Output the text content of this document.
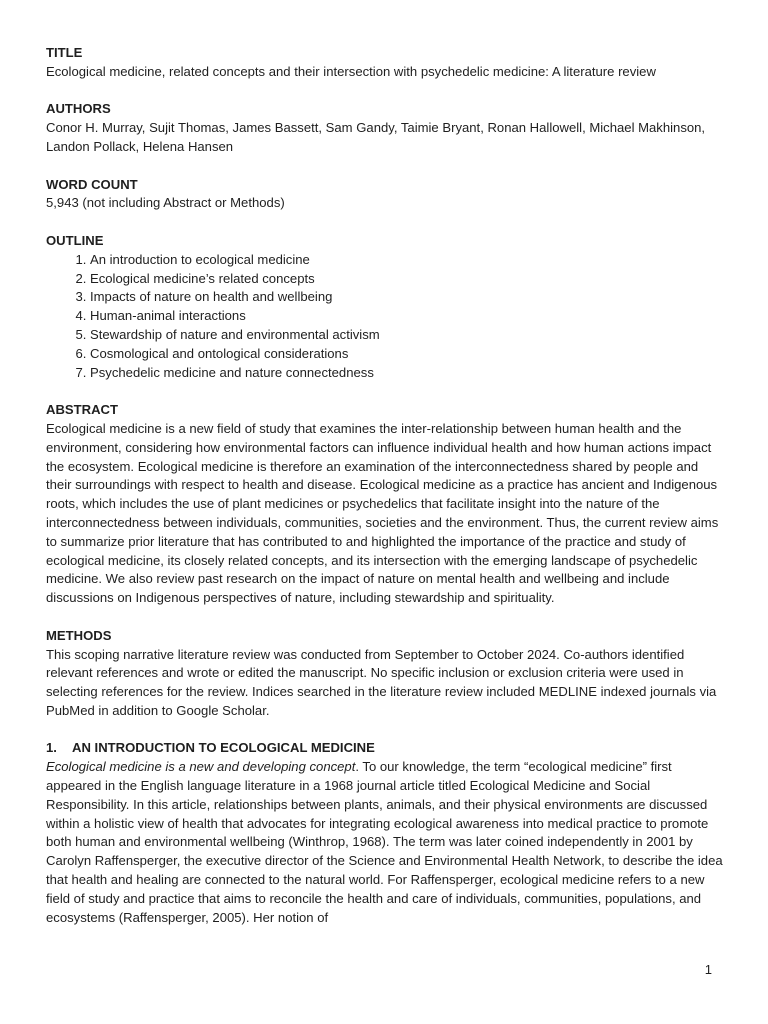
TITLE

Ecological medicine, related concepts and their intersection with psychedelic medicine: A literature review

AUTHORS

Conor H. Murray, Sujit Thomas, James Bassett, Sam Gandy, Taimie Bryant, Ronan Hallowell, Michael Makhinson, Landon Pollack, Helena Hansen

WORD COUNT

5,943 (not including Abstract or Methods)

OUTLINE

1. An introduction to ecological medicine
2. Ecological medicine’s related concepts
3. Impacts of nature on health and wellbeing
4. Human-animal interactions
5. Stewardship of nature and environmental activism
6. Cosmological and ontological considerations
7. Psychedelic medicine and nature connectedness

ABSTRACT

Ecological medicine is a new field of study that examines the inter-relationship between human health and the environment, considering how environmental factors can influence individual health and how human actions impact the ecosystem. Ecological medicine is therefore an examination of the interconnectedness shared by people and their surroundings with respect to health and disease. Ecological medicine as a practice has ancient and Indigenous roots, which includes the use of plant medicines or psychedelics that facilitate insight into the nature of the interconnectedness between individuals, communities, societies and the environment. Thus, the current review aims to summarize prior literature that has contributed to and highlighted the importance of the practice and study of ecological medicine, its closely related concepts, and its intersection with the emerging landscape of psychedelic medicine. We also review past research on the impact of nature on mental health and wellbeing and include discussions on Indigenous perspectives of nature, including stewardship and spirituality.

METHODS

This scoping narrative literature review was conducted from September to October 2024. Co-authors identified relevant references and wrote or edited the manuscript. No specific inclusion or exclusion criteria were used in selecting references for the review. Indices searched in the literature review included MEDLINE indexed journals via PubMed in addition to Google Scholar.

1. AN INTRODUCTION TO ECOLOGICAL MEDICINE

Ecological medicine is a new and developing concept. To our knowledge, the term “ecological medicine” first appeared in the English language literature in a 1968 journal article titled Ecological Medicine and Social Responsibility. In this article, relationships between plants, animals, and their physical environments are discussed within a holistic view of health that advocates for integrating ecological awareness into medical practice to promote both human and environmental wellbeing (Winthrop, 1968). The term was later coined independently in 2001 by Carolyn Raffensperger, the executive director of the Science and Environmental Health Network, to describe the idea that health and healing are connected to the natural world. For Raffensperger, ecological medicine refers to a new field of study and practice that aims to reconcile the health and care of individuals, communities, populations, and ecosystems (Raffensperger, 2005). Her notion of

1
